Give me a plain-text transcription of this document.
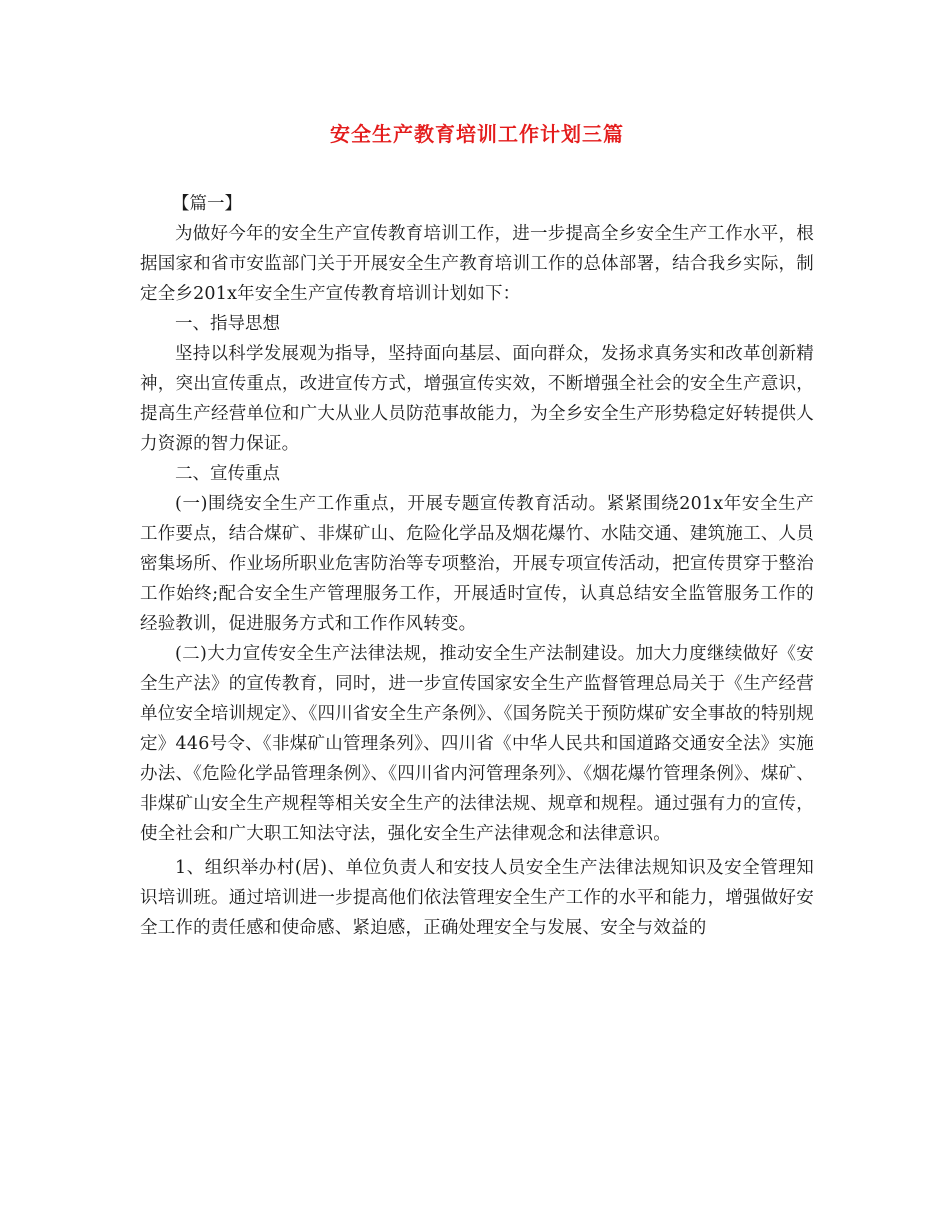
安全生产教育培训工作计划三篇

【篇一】

为做好今年的安全生产宣传教育培训工作，进一步提高全乡安全生产工作水平，根据国家和省市安监部门关于开展安全生产教育培训工作的总体部署，结合我乡实际，制定全乡201x年安全生产宣传教育培训计划如下：

一、指导思想

坚持以科学发展观为指导，坚持面向基层、面向群众，发扬求真务实和改革创新精神，突出宣传重点，改进宣传方式，增强宣传实效，不断增强全社会的安全生产意识，提高生产经营单位和广大从业人员防范事故能力，为全乡安全生产形势稳定好转提供人力资源的智力保证。

二、宣传重点

(一)围绕安全生产工作重点，开展专题宣传教育活动。紧紧围绕201x年安全生产工作要点，结合煤矿、非煤矿山、危险化学品及烟花爆竹、水陆交通、建筑施工、人员密集场所、作业场所职业危害防治等专项整治，开展专项宣传活动，把宣传贯穿于整治工作始终;配合安全生产管理服务工作，开展适时宣传，认真总结安全监管服务工作的经验教训，促进服务方式和工作作风转变。

(二)大力宣传安全生产法律法规，推动安全生产法制建设。加大力度继续做好《安全生产法》的宣传教育，同时，进一步宣传国家安全生产监督管理总局关于《生产经营单位安全培训规定》、《四川省安全生产条例》、《国务院关于预防煤矿安全事故的特别规定》446号令、《非煤矿山管理条列》、四川省《中华人民共和国道路交通安全法》实施办法、《危险化学品管理条例》、《四川省内河管理条列》、《烟花爆竹管理条例》、煤矿、非煤矿山安全生产规程等相关安全生产的法律法规、规章和规程。通过强有力的宣传，使全社会和广大职工知法守法，强化安全生产法律观念和法律意识。

1、组织举办村(居)、单位负责人和安技人员安全生产法律法规知识及安全管理知识培训班。通过培训进一步提高他们依法管理安全生产工作的水平和能力，增强做好安全工作的责任感和使命感、紧迫感，正确处理安全与发展、安全与效益的
